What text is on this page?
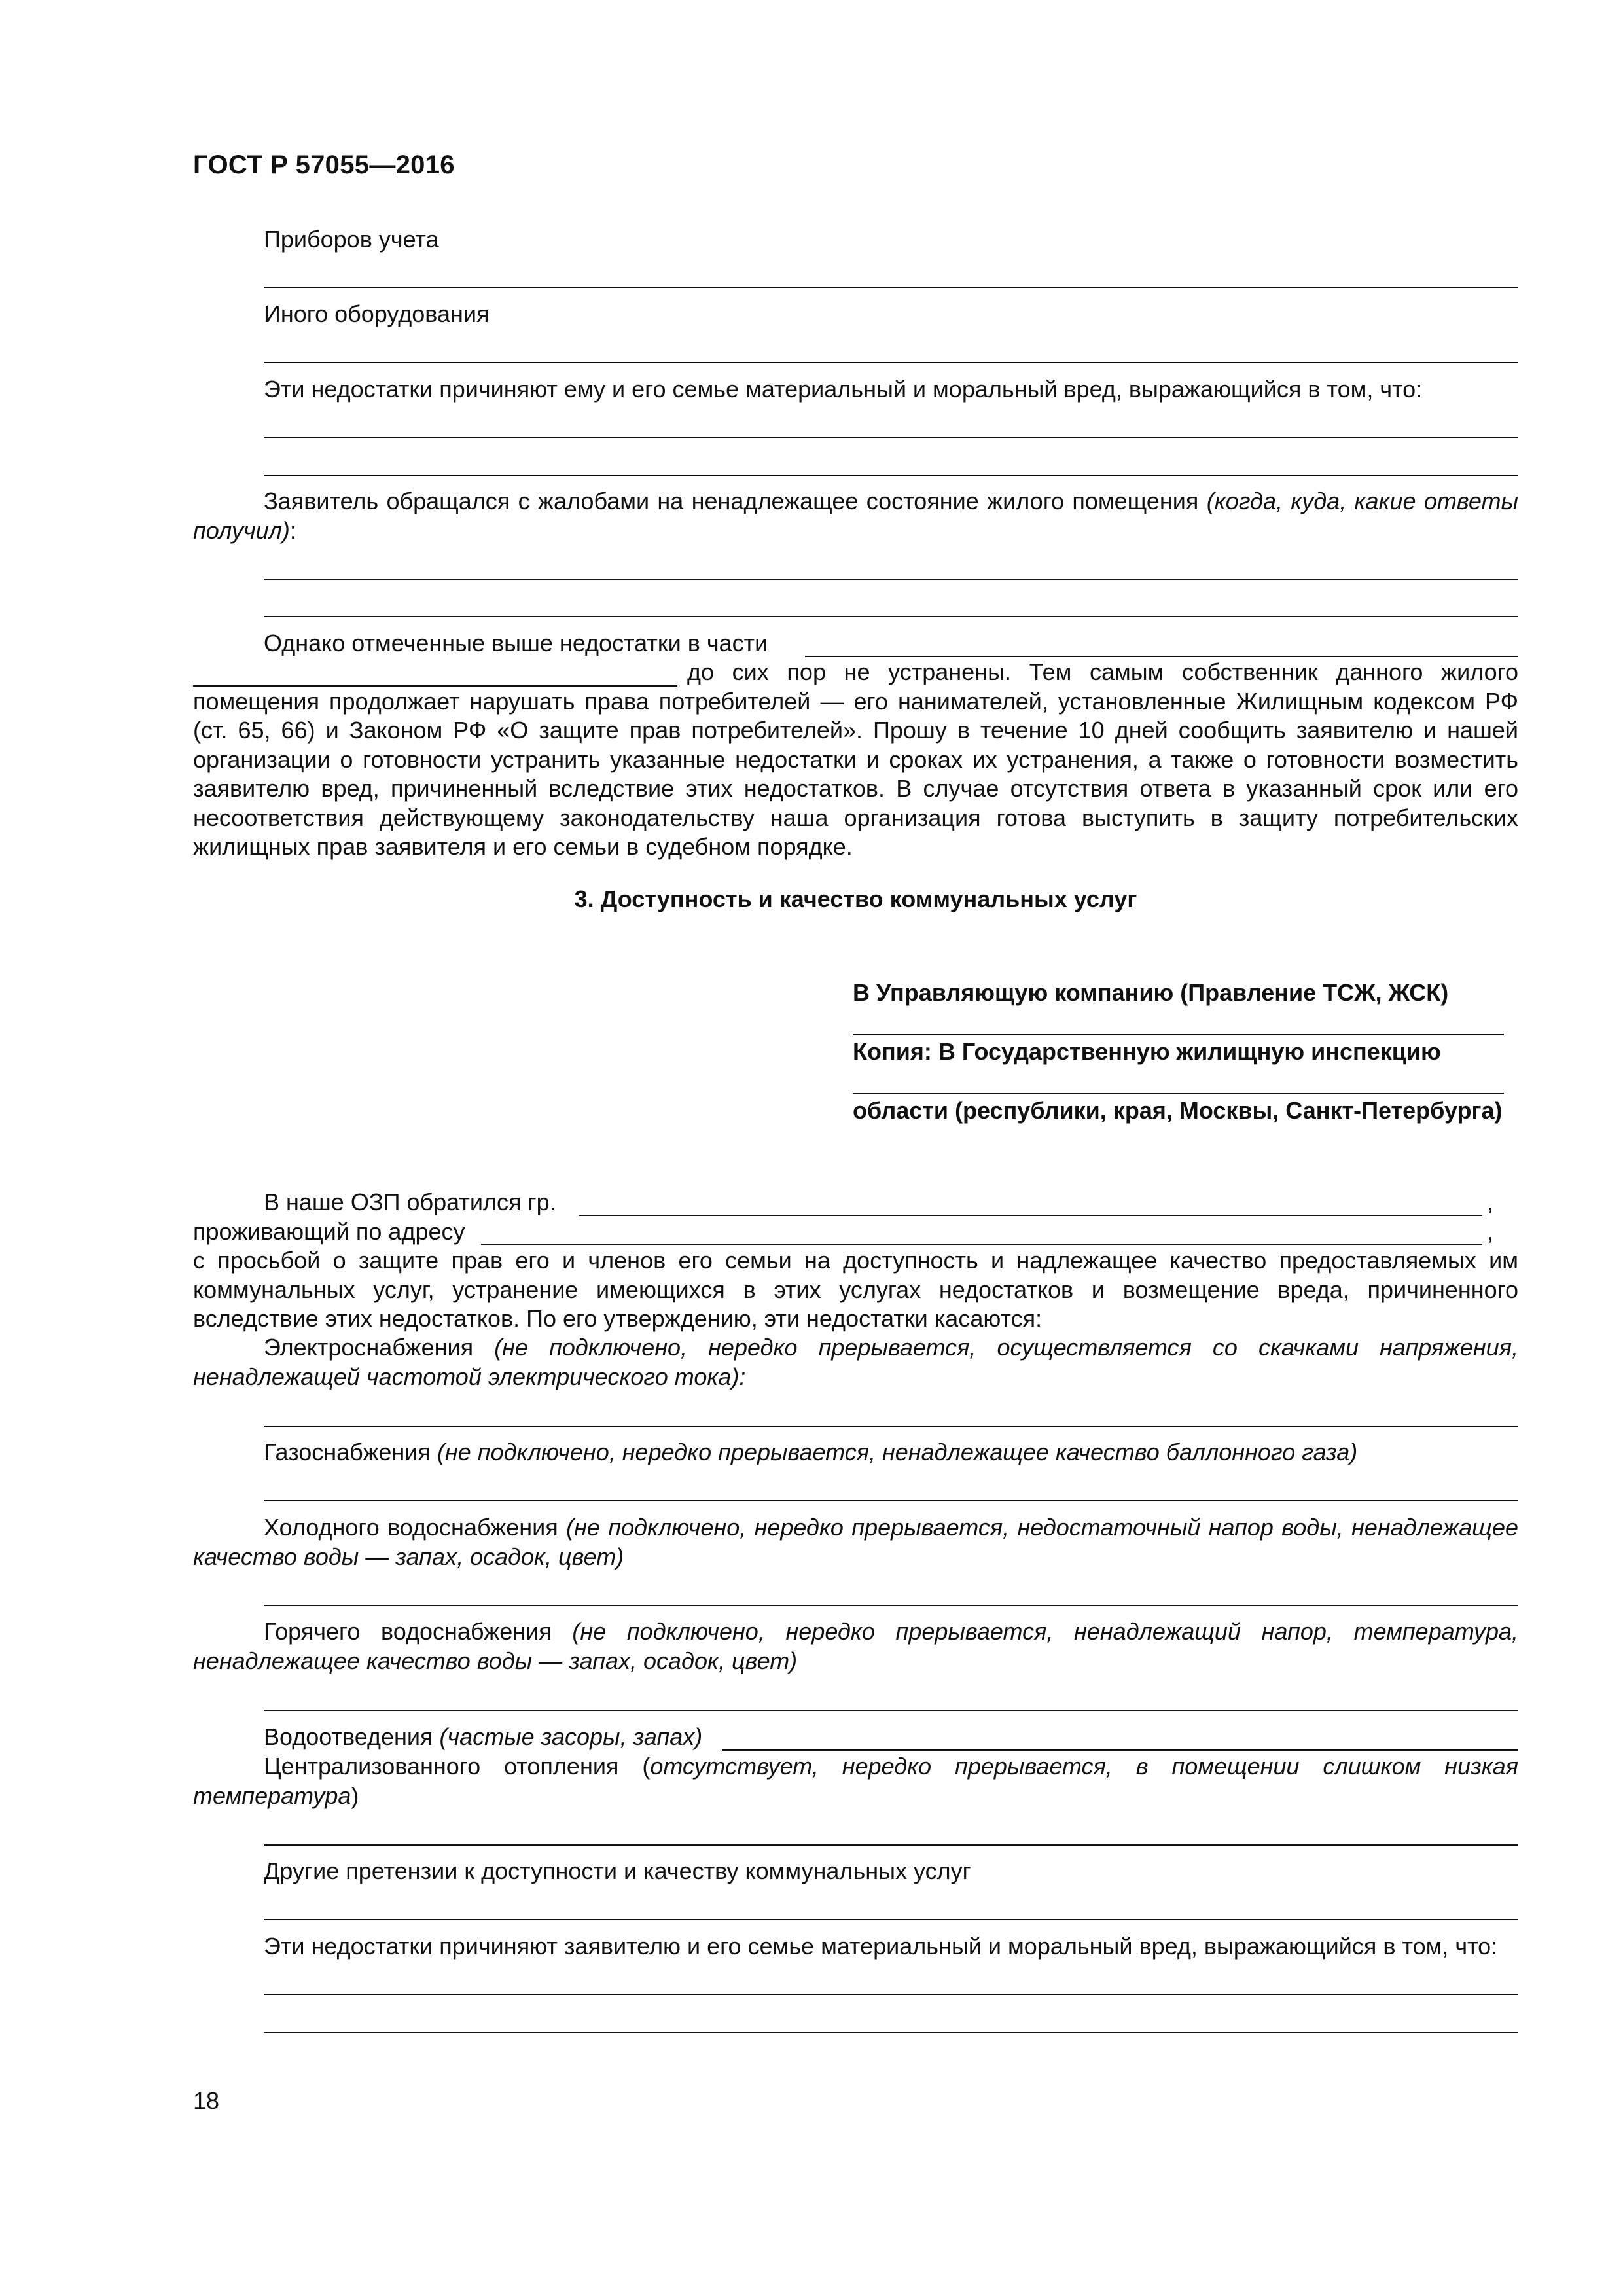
ГОСТ Р 57055—2016
Приборов учета
Иного оборудования
Эти недостатки причиняют ему и его семье материальный и моральный вред, выражающийся в том, что:
Заявитель обращался с жалобами на ненадлежащее состояние жилого помещения (когда, куда, какие ответы получил):
Однако отмеченные выше недостатки в части
до сих пор не устранены. Тем самым собственник данного жилого помещения продолжает нарушать права потребителей — его нанимателей, установленные Жилищным кодексом РФ (ст. 65, 66) и Законом РФ «О защите прав потребителей». Прошу в течение 10 дней сообщить заявителю и нашей организации о готовности устранить указанные недостатки и сроках их устранения, а также о готовности возместить заявителю вред, причиненный вследствие этих недостатков. В случае отсутствия ответа в указанный срок или его несоответствия действующему законодательству наша организация готова выступить в защиту потребительских жилищных прав заявителя и его семьи в судебном порядке.
3. Доступность и качество коммунальных услуг
В Управляющую компанию (Правление ТСЖ, ЖСК)
Копия: В Государственную жилищную инспекцию
области (республики, края, Москвы, Санкт-Петербурга)
В наше ОЗП обратился гр.	,
проживающий по адресу	,
с просьбой о защите прав его и членов его семьи на доступность и надлежащее качество предоставляемых им коммунальных услуг, устранение имеющихся в этих услугах недостатков и возмещение вреда, причиненного вследствие этих недостатков. По его утверждению, эти недостатки касаются:
Электроснабжения (не подключено, нередко прерывается, осуществляется со скачками напряжения, ненадлежащей частотой электрического тока):
Газоснабжения (не подключено, нередко прерывается, ненадлежащее качество баллонного газа)
Холодного водоснабжения (не подключено, нередко прерывается, недостаточный напор воды, ненадлежащее качество воды — запах, осадок, цвет)
Горячего водоснабжения (не подключено, нередко прерывается, ненадлежащий напор, температура, ненадлежащее качество воды — запах, осадок, цвет)
Водоотведения (частые засоры, запах)
Централизованного отопления (отсутствует, нередко прерывается, в помещении слишком низкая температура)
Другие претензии к доступности и качеству коммунальных услуг
Эти недостатки причиняют заявителю и его семье материальный и моральный вред, выражающийся в том, что:
18
